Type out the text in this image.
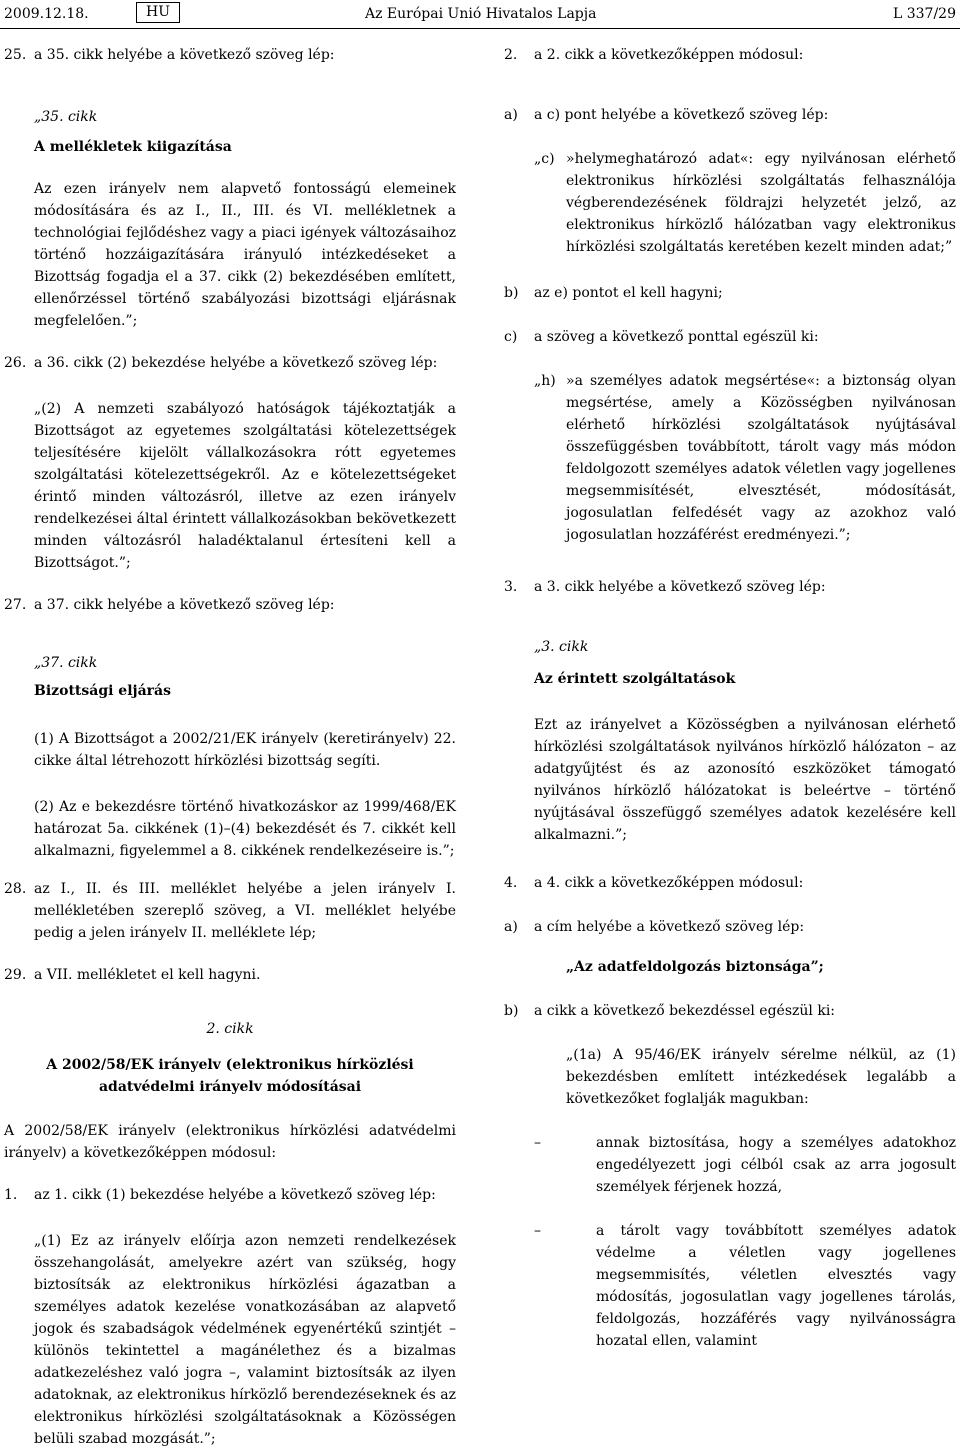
2009.12.18.	HU	Az Európai Unió Hivatalos Lapja	L 337/29
25. a 35. cikk helyébe a következő szöveg lép:

„35. cikk

A mellékletek kiigazítása

Az ezen irányelv nem alapvető fontosságú elemeinek módosítására és az I., II., III. és VI. mellékletnek a technológiai fejlődéshez vagy a piaci igények változásaihoz történő hozzáigazítására irányuló intézkedéseket a Bizottság fogadja el a 37. cikk (2) bekezdésében említett, ellenőrzéssel történő szabályozási bizottsági eljárásnak megfelelően.”;

26. a 36. cikk (2) bekezdése helyébe a következő szöveg lép:

„(2) A nemzeti szabályozó hatóságok tájékoztatják a Bizottságot az egyetemes szolgáltatási kötelezettségek teljesítésére kijelölt vállalkozásokra rótt egyetemes szolgáltatási kötelezettségekről. Az e kötelezettségeket érintő minden változásról, illetve az ezen irányelv rendelkezései által érintett vállalkozásokban bekövetkezett minden változásról haladéktalanul értesíteni kell a Bizottságot.”;

27. a 37. cikk helyébe a következő szöveg lép:

„37. cikk

Bizottsági eljárás

(1) A Bizottságot a 2002/21/EK irányelv (keretirányelv) 22. cikke által létrehozott hírközlési bizottság segíti.

(2) Az e bekezdésre történő hivatkozáskor az 1999/468/EK határozat 5a. cikkének (1)–(4) bekezdését és 7. cikkét kell alkalmazni, figyelemmel a 8. cikkének rendelkezéseire is.”;

28. az I., II. és III. melléklet helyébe a jelen irányelv I. mellékletében szereplő szöveg, a VI. melléklet helyébe pedig a jelen irányelv II. melléklete lép;
29. a VII. mellékletet el kell hagyni.

2. cikk

A 2002/58/EK irányelv (elektronikus hírközlési

adatvédelmi irányelv módosításai

A 2002/58/EK irányelv (elektronikus hírközlési adatvédelmi irányelv) a következőképpen módosul:

1.	az 1. cikk (1) bekezdése helyébe a következő szöveg lép:

„(1) Ez az irányelv előírja azon nemzeti rendelkezések összehangolását, amelyekre azért van szükség, hogy biztosítsák az elektronikus hírközlési ágazatban a személyes adatok kezelése vonatkozásában az alapvető jogok és szabadságok védelmének egyenértékű szintjét – különös tekintettel a magánélethez és a bizalmas adatkezeléshez való jogra –, valamint biztosítsák az ilyen adatoknak, az elektronikus hírközlő berendezéseknek és az elektronikus hírközlési szolgáltatásoknak a Közösségen belüli szabad mozgását.”;

2.	a 2. cikk a következőképpen módosul:
a)	a c) pont helyébe a következő szöveg lép:
„c) »helymeghatározó adat«: egy nyilvánosan elérhető elektronikus hírközlési szolgáltatás felhasználója végberendezésének földrajzi helyzetét jelző, az elektronikus hírközlő hálózatban vagy elektronikus hírközlési szolgáltatás keretében kezelt minden adat;”
b)	az e) pontot el kell hagyni;
c)	a szöveg a következő ponttal egészül ki:
„h) »a személyes adatok megsértése«: a biztonság olyan megsértése, amely a Közösségben nyilvánosan elérhető hírközlési szolgáltatások nyújtásával összefüggésben továbbított, tárolt vagy más módon feldolgozott személyes adatok véletlen vagy jogellenes megsemmisítését, elvesztését, módosítását, jogosulatlan felfedését vagy az azokhoz való jogosulatlan hozzáférést eredményezi.”;
3.	a 3. cikk helyébe a következő szöveg lép:

„3. cikk

Az érintett szolgáltatások

Ezt az irányelvet a Közösségben a nyilvánosan elérhető hírközlési szolgáltatások nyilvános hírközlő hálózaton – az adatgyűjtést és az azonosító eszközöket támogató nyilvános hírközlő hálózatokat is beleértve – történő nyújtásával összefüggő személyes adatok kezelésére kell alkalmazni.”;

4.	a 4. cikk a következőképpen módosul:
a)	a cím helyébe a következő szöveg lép:

„Az adatfeldolgozás biztonsága”;

b)	a cikk a következő bekezdéssel egészül ki:

„(1a) A 95/46/EK irányelv sérelme nélkül, az (1) bekezdésben említett intézkedések legalább a következőket foglalják magukban:

–	annak biztosítása, hogy a személyes adatokhoz engedélyezett jogi célból csak az arra jogosult személyek férjenek hozzá,
–	a tárolt vagy továbbított személyes adatok védelme a véletlen vagy jogellenes megsemmisítés, véletlen elvesztés vagy módosítás, jogosulatlan vagy jogellenes tárolás, feldolgozás, hozzáférés vagy nyilvánosságra hozatal ellen, valamint
